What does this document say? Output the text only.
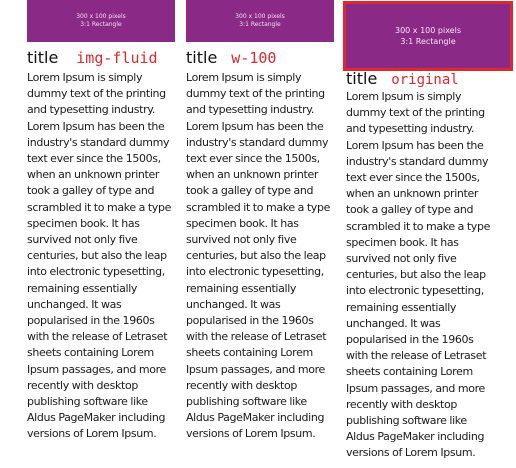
300 x 100 pixels
3:1 Rectangle
title img-fluid

Lorem Ipsum is simply dummy text of the printing and typesetting industry. Lorem Ipsum has been the industry's standard dummy text ever since the 1500s, when an unknown printer took a galley of type and scrambled it to make a type specimen book. It has survived not only five centuries, but also the leap into electronic typesetting, remaining essentially unchanged. It was popularised in the 1960s with the release of Letraset sheets containing Lorem Ipsum passages, and more recently with desktop publishing software like Aldus PageMaker including versions of Lorem Ipsum.

300 x 100 pixels
3:1 Rectangle
title w-100

Lorem Ipsum is simply dummy text of the printing and typesetting industry. Lorem Ipsum has been the industry's standard dummy text ever since the 1500s, when an unknown printer took a galley of type and scrambled it to make a type specimen book. It has survived not only five centuries, but also the leap into electronic typesetting, remaining essentially unchanged. It was popularised in the 1960s with the release of Letraset sheets containing Lorem Ipsum passages, and more recently with desktop publishing software like Aldus PageMaker including versions of Lorem Ipsum.

300 x 100 pixels
3:1 Rectangle
title original

Lorem Ipsum is simply dummy text of the printing and typesetting industry. Lorem Ipsum has been the industry's standard dummy text ever since the 1500s, when an unknown printer took a galley of type and scrambled it to make a type specimen book. It has survived not only five centuries, but also the leap into electronic typesetting, remaining essentially unchanged. It was popularised in the 1960s with the release of Letraset sheets containing Lorem Ipsum passages, and more recently with desktop publishing software like Aldus PageMaker including versions of Lorem Ipsum.
